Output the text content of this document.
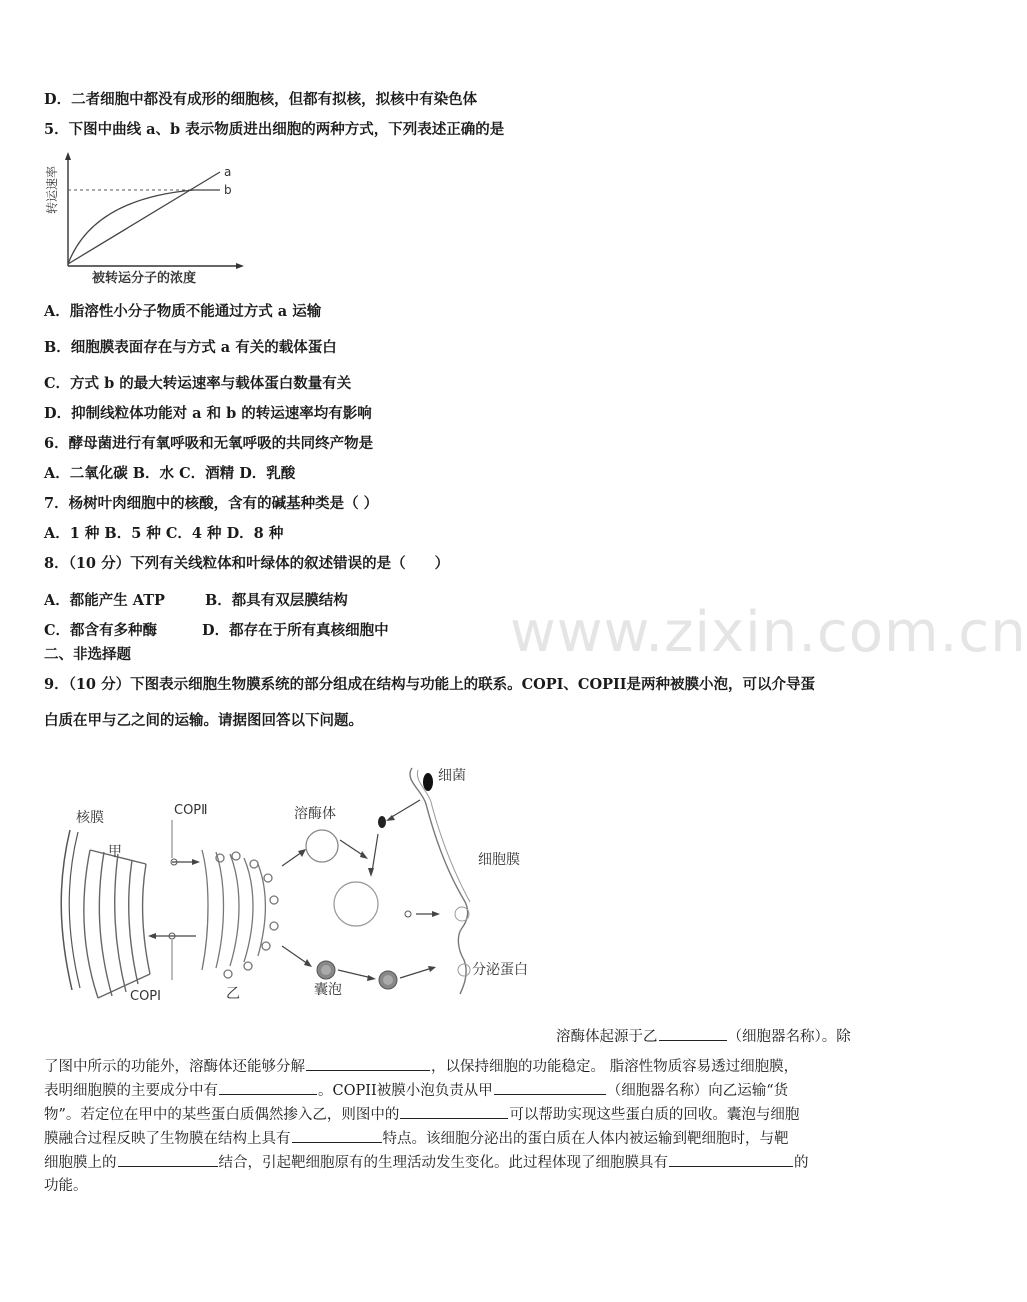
www.zixin.com.cn
D．二者细胞中都没有成形的细胞核，但都有拟核，拟核中有染色体
5．下图中曲线 a、b 表示物质进出细胞的两种方式，下列表述正确的是
a
b
转运速率
被转运分子的浓度
A．脂溶性小分子物质不能通过方式 a 运输
B．细胞膜表面存在与方式 a 有关的载体蛋白
C．方式 b 的最大转运速率与载体蛋白数量有关
D．抑制线粒体功能对 a 和 b 的转运速率均有影响
6．酵母菌进行有氧呼吸和无氧呼吸的共同终产物是
A．二氧化碳 B．水 C．酒精 D．乳酸
7．杨树叶肉细胞中的核酸，含有的碱基种类是（ ）
A．1 种 B．5 种 C．4 种 D．8 种
8．（10 分）下列有关线粒体和叶绿体的叙述错误的是（　　）
A．都能产生 ATP	B．都具有双层膜结构
C．都含有多种酶	D．都存在于所有真核细胞中
二、非选择题
9．（10 分）下图表示细胞生物膜系统的部分组成在结构与功能上的联系。COPI、COPII是两种被膜小泡，可以介导蛋
白质在甲与乙之间的运输。请据图回答以下问题。
核膜
甲
COPⅡ
COPⅠ	乙
溶酶体
细菌
细胞膜
囊泡
分泌蛋白
溶酶体起源于乙	（细胞器名称）。除
了图中所示的功能外，溶酶体还能够分解	，以保持细胞的功能稳定。 脂溶性物质容易透过细胞膜，
表明细胞膜的主要成分中有	。COPII被膜小泡负责从甲	（细胞器名称）向乙运输“货
物”。若定位在甲中的某些蛋白质偶然掺入乙，则图中的	可以帮助实现这些蛋白质的回收。囊泡与细胞
膜融合过程反映了生物膜在结构上具有	特点。该细胞分泌出的蛋白质在人体内被运输到靶细胞时，与靶
细胞膜上的	结合，引起靶细胞原有的生理活动发生变化。此过程体现了细胞膜具有	的
功能。
